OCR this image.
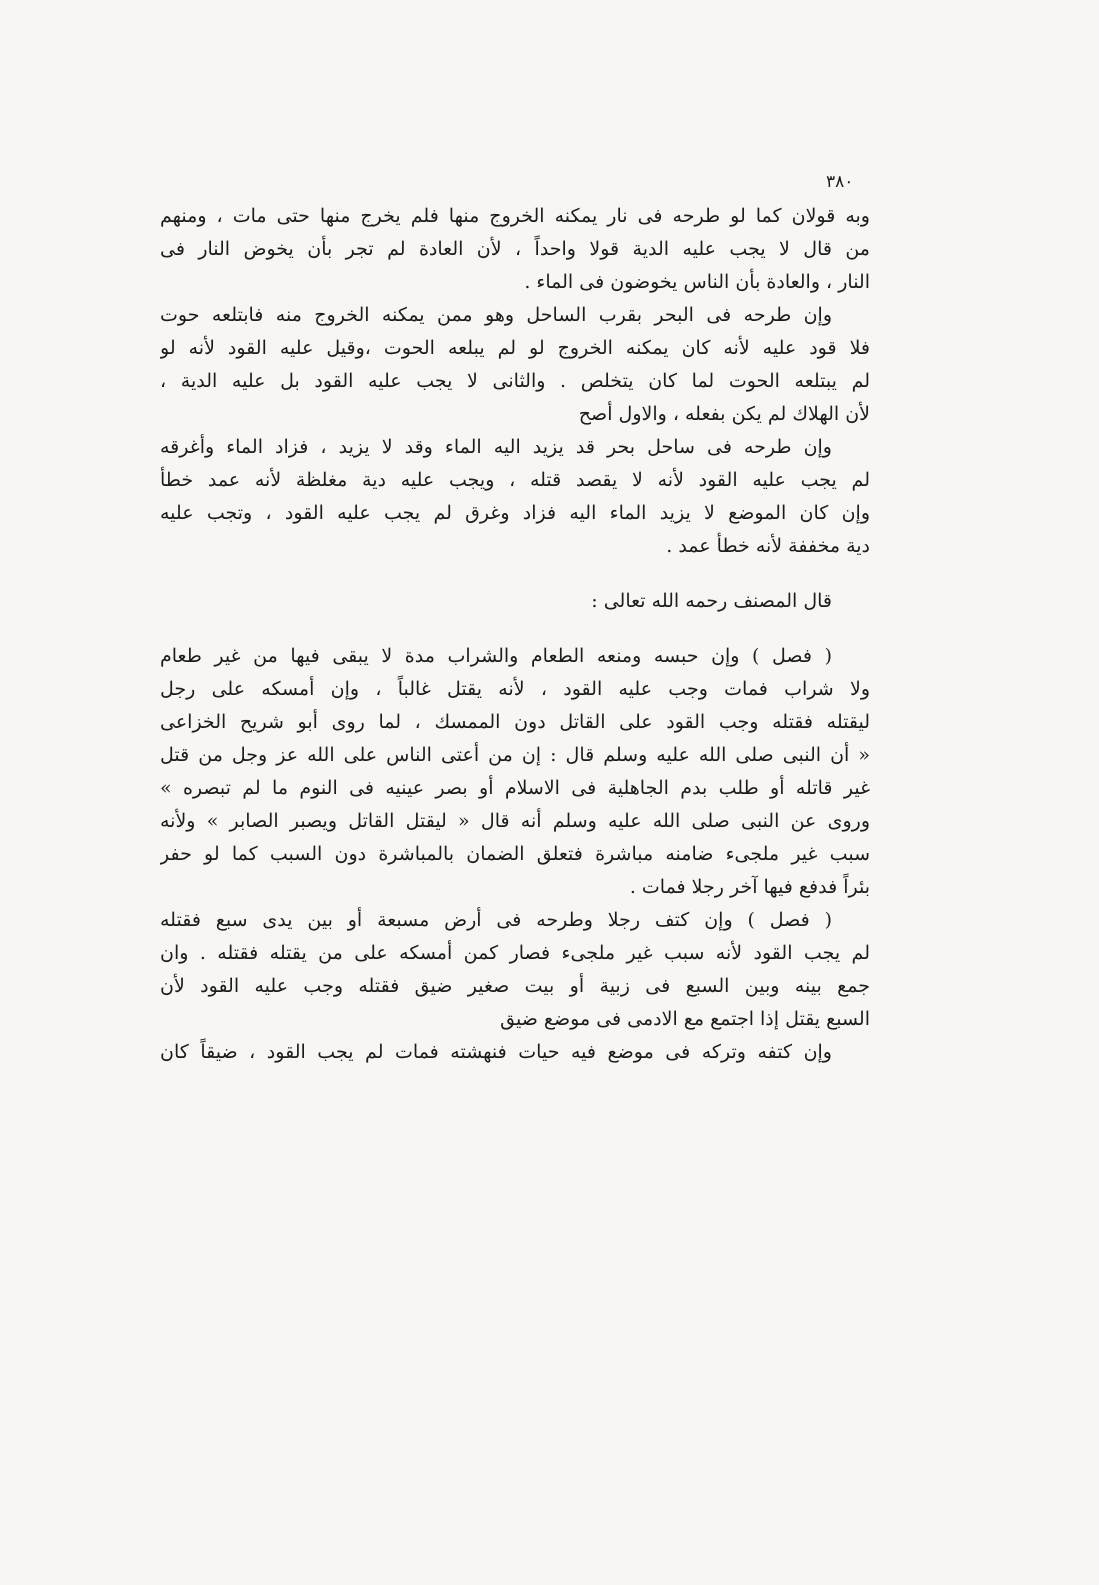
٣٨٠
وبه قولان كما لو طرحه فى نار يمكنه الخروج منها فلم يخرج منها حتى مات ، ومنهم
من قال لا يجب عليه الدية قولا واحداً ، لأن العادة لم تجر بأن يخوض النار فى
النار ، والعادة بأن الناس يخوضون فى الماء .
وإن طرحه فى البحر بقرب الساحل وهو ممن يمكنه الخروج منه فابتلعه حوت
فلا قود عليه لأنه كان يمكنه الخروج لو لم يبلعه الحوت ،وقيل عليه القود لأنه لو
لم يبتلعه الحوت لما كان يتخلص . والثانى لا يجب عليه القود بل عليه الدية ،
لأن الهلاك لم يكن بفعله ، والاول أصح
وإن طرحه فى ساحل بحر قد يزيد اليه الماء وقد لا يزيد ، فزاد الماء وأغرقه
لم يجب عليه القود لأنه لا يقصد قتله ، ويجب عليه دية مغلظة لأنه عمد خطأ
وإن كان الموضع لا يزيد الماء اليه فزاد وغرق لم يجب عليه القود ، وتجب عليه
دية مخففة لأنه خطأ عمد .
قال المصنف رحمه الله تعالى :
( فصل ) وإن حبسه ومنعه الطعام والشراب مدة لا يبقى فيها من غير طعام
ولا شراب فمات وجب عليه القود ، لأنه يقتل غالباً ، وإن أمسكه على رجل
ليقتله فقتله وجب القود على القاتل دون الممسك ، لما روى أبو شريح الخزاعى
« أن النبى صلى الله عليه وسلم قال : إن من أعتى الناس على الله عز وجل من قتل
غير قاتله أو طلب بدم الجاهلية فى الاسلام أو بصر عينيه فى النوم ما لم تبصره »
وروى عن النبى صلى الله عليه وسلم أنه قال « ليقتل القاتل ويصبر الصابر » ولأنه
سبب غير ملجىء ضامنه مباشرة فتعلق الضمان بالمباشرة دون السبب كما لو حفر
بئراً فدفع فيها آخر رجلا فمات .
( فصل ) وإن كتف رجلا وطرحه فى أرض مسبعة أو بين يدى سبع فقتله
لم يجب القود لأنه سبب غير ملجىء فصار كمن أمسكه على من يقتله فقتله . وان
جمع بينه وبين السبع فى زبية أو بيت صغير ضيق فقتله وجب عليه القود لأن
السبع يقتل إذا اجتمع مع الادمى فى موضع ضيق
وإن كتفه وتركه فى موضع فيه حيات فنهشته فمات لم يجب القود ، ضيقاً كان
